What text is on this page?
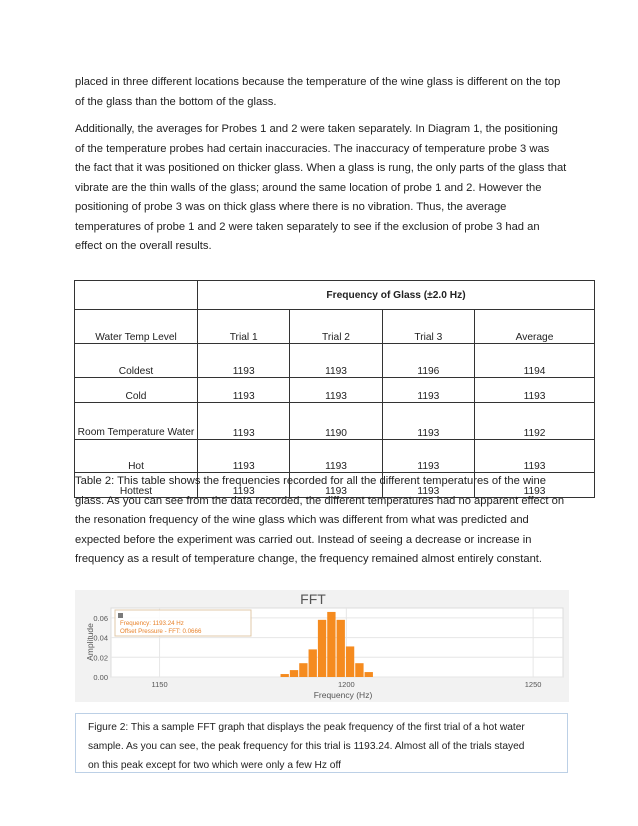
placed in three different locations because the temperature of the wine glass is different on the top of the glass than the bottom of the glass.

Additionally, the averages for Probes 1 and 2 were taken separately. In Diagram 1, the positioning of the temperature probes had certain inaccuracies. The inaccuracy of temperature probe 3 was the fact that it was positioned on thicker glass. When a glass is rung, the only parts of the glass that vibrate are the thin walls of the glass; around the same location of probe 1 and 2. However the positioning of probe 3 was on thick glass where there is no vibration. Thus, the average temperatures of probe 1 and 2 were taken separately to see if the exclusion of probe 3 had an effect on the overall results.

	Frequency of Glass (±2.0 Hz)			
Water Temp Level	Trial 1	Trial 2	Trial 3	Average
Coldest	1193	1193	1196	1194
Cold	1193	1193	1193	1193
Room Temperature Water	1193	1190	1193	1192
Hot	1193	1193	1193	1193
Hottest	1193	1193	1193	1193

Table 2: This table shows the frequencies recorded for all the different temperatures of the wine glass. As you can see from the data recorded, the different temperatures had no apparent effect on the resonation frequency of the wine glass which was different from what was predicted and expected before the experiment was carried out. Instead of seeing a decrease or increase in frequency as a result of temperature change, the frequency remained almost entirely constant.

FFT
Amplitude
Frequency (Hz)
0.06
0.04
0.02
0.00
1150	1200	1250
Frequency: 1193.24 Hz
Offset Pressure - FFT: 0.0666

Figure 2: This a sample FFT graph that displays the peak frequency of the first trial of a hot water

sample. As you can see, the peak frequency for this trial is 1193.24. Almost all of the trials stayed

on this peak except for two which were only a few Hz off
